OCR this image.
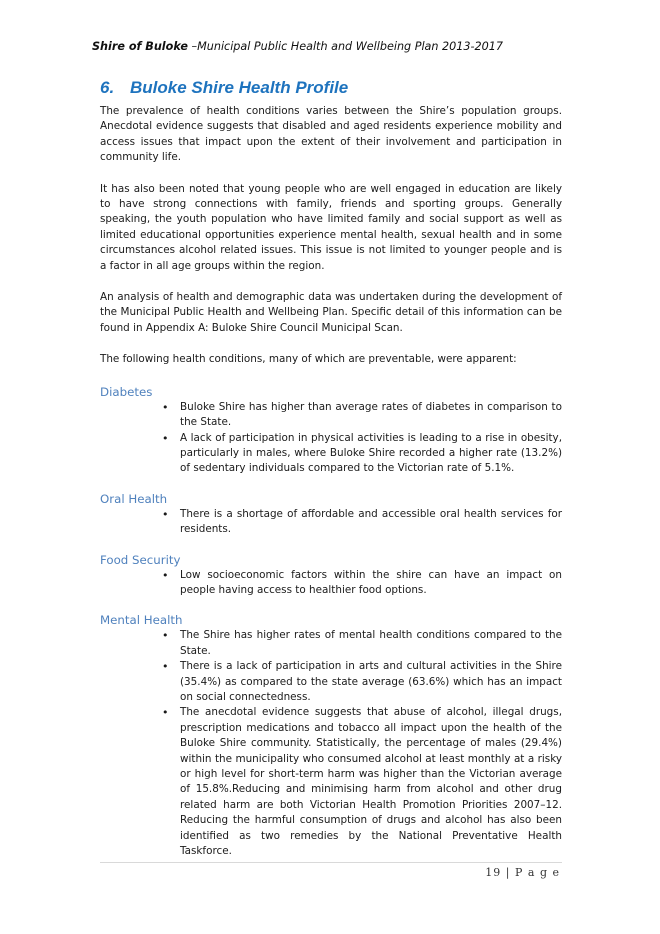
Shire of Buloke –Municipal Public Health and Wellbeing Plan 2013-2017
6. Buloke Shire Health Profile

The prevalence of health conditions varies between the Shire’s population groups. Anecdotal evidence suggests that disabled and aged residents experience mobility and access issues that impact upon the extent of their involvement and participation in community life.

It has also been noted that young people who are well engaged in education are likely to have strong connections with family, friends and sporting groups. Generally speaking, the youth population who have limited family and social support as well as limited educational opportunities experience mental health, sexual health and in some circumstances alcohol related issues. This issue is not limited to younger people and is a factor in all age groups within the region.

An analysis of health and demographic data was undertaken during the development of the Municipal Public Health and Wellbeing Plan. Specific detail of this information can be found in Appendix A: Buloke Shire Council Municipal Scan.

The following health conditions, many of which are preventable, were apparent:

Diabetes
• Buloke Shire has higher than average rates of diabetes in comparison to the State.
• A lack of participation in physical activities is leading to a rise in obesity, particularly in males, where Buloke Shire recorded a higher rate (13.2%) of sedentary individuals compared to the Victorian rate of 5.1%.
Oral Health
• There is a shortage of affordable and accessible oral health services for residents.
Food Security
• Low socioeconomic factors within the shire can have an impact on people having access to healthier food options.
Mental Health
• The Shire has higher rates of mental health conditions compared to the State.
• There is a lack of participation in arts and cultural activities in the Shire (35.4%) as compared to the state average (63.6%) which has an impact on social connectedness.
• The anecdotal evidence suggests that abuse of alcohol, illegal drugs, prescription medications and tobacco all impact upon the health of the Buloke Shire community. Statistically, the percentage of males (29.4%) within the municipality who consumed alcohol at least monthly at a risky or high level for short-term harm was higher than the Victorian average of 15.8%.Reducing and minimising harm from alcohol and other drug related harm are both Victorian Health Promotion Priorities 2007–12. Reducing the harmful consumption of drugs and alcohol has also been identified as two remedies by the National Preventative Health Taskforce.
19 | P a g e
